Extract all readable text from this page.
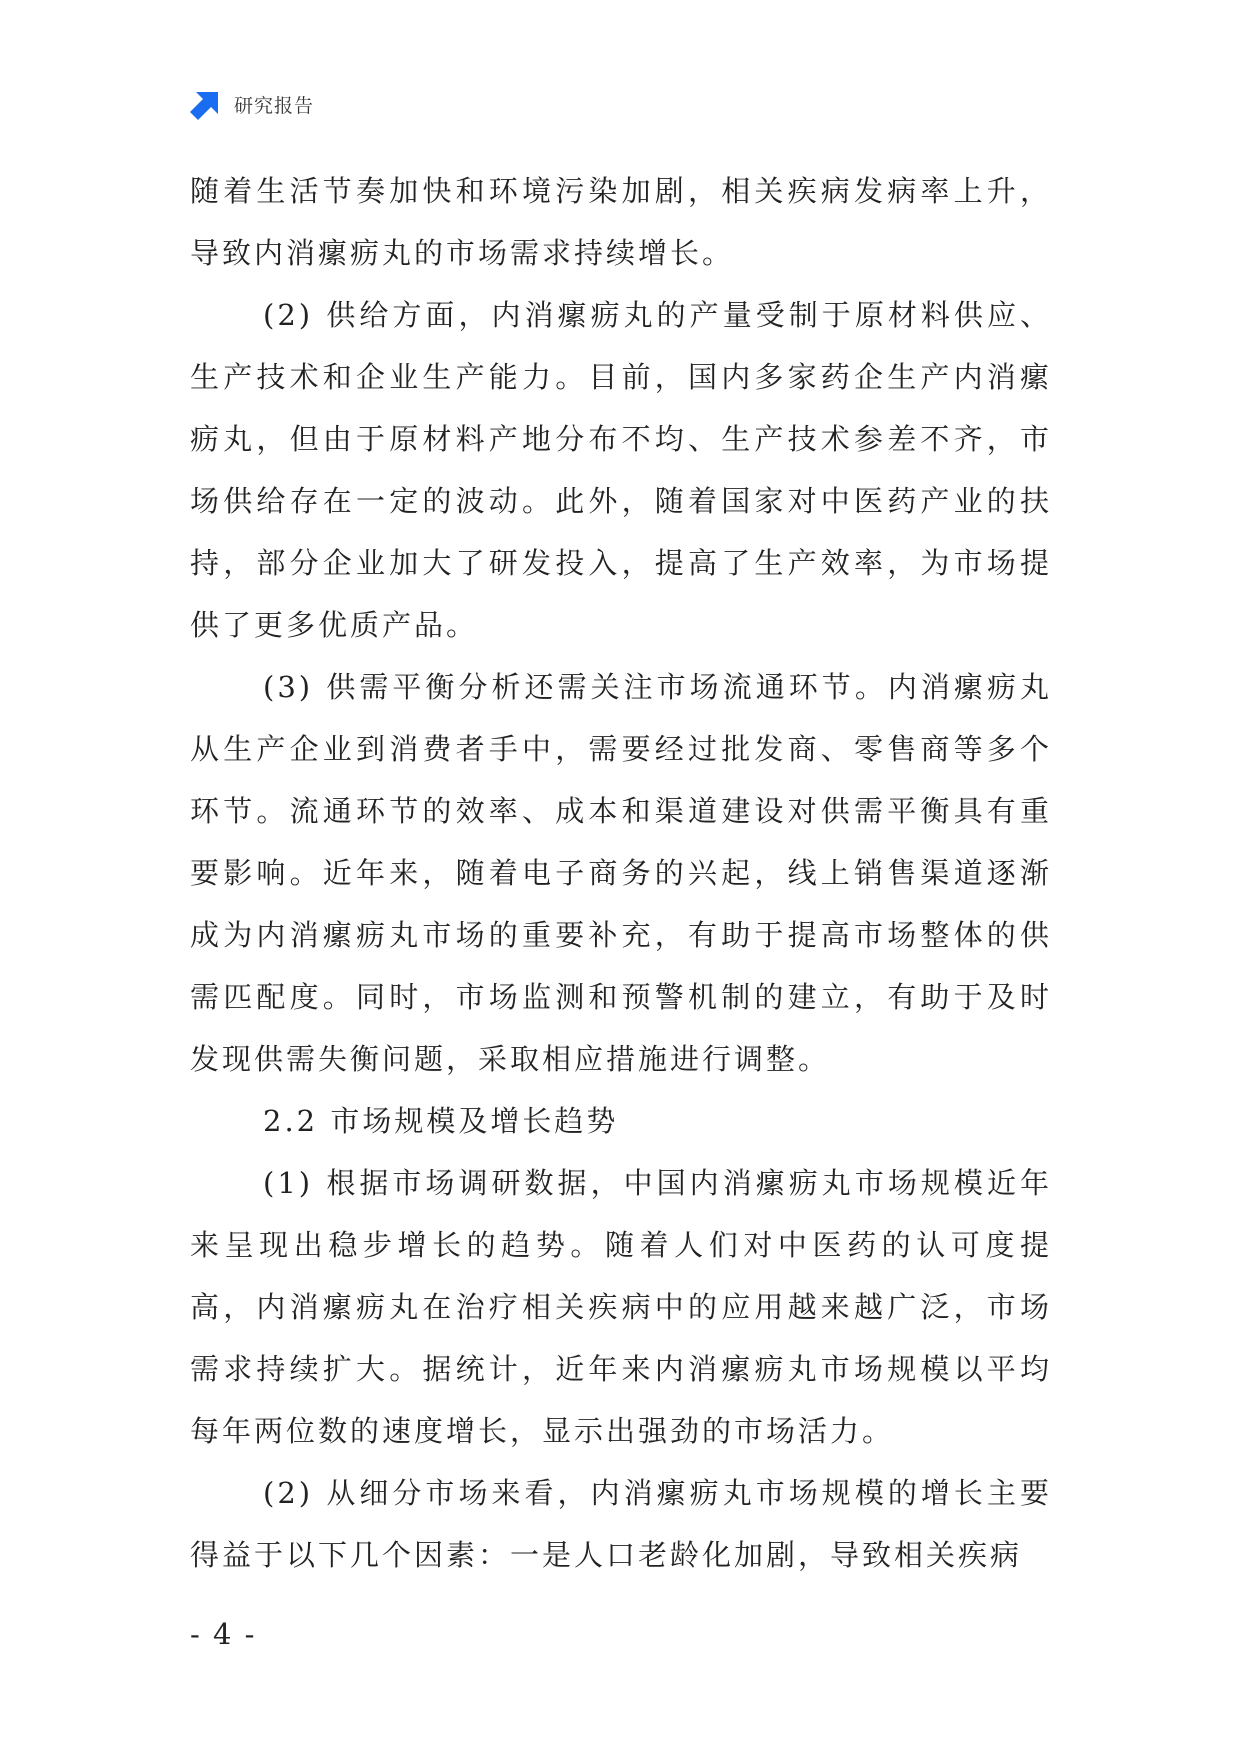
研究报告

随着生活节奏加快和环境污染加剧，相关疾病发病率上升，导致内消瘰疬丸的市场需求持续增长。

(2) 供给方面，内消瘰疬丸的产量受制于原材料供应、生产技术和企业生产能力。目前，国内多家药企生产内消瘰疬丸，但由于原材料产地分布不均、生产技术参差不齐，市场供给存在一定的波动。此外，随着国家对中医药产业的扶持，部分企业加大了研发投入，提高了生产效率，为市场提供了更多优质产品。

(3) 供需平衡分析还需关注市场流通环节。内消瘰疬丸从生产企业到消费者手中，需要经过批发商、零售商等多个环节。流通环节的效率、成本和渠道建设对供需平衡具有重要影响。近年来，随着电子商务的兴起，线上销售渠道逐渐成为内消瘰疬丸市场的重要补充，有助于提高市场整体的供需匹配度。同时，市场监测和预警机制的建立，有助于及时发现供需失衡问题，采取相应措施进行调整。

2.2 市场规模及增长趋势

(1) 根据市场调研数据，中国内消瘰疬丸市场规模近年来呈现出稳步增长的趋势。随着人们对中医药的认可度提高，内消瘰疬丸在治疗相关疾病中的应用越来越广泛，市场需求持续扩大。据统计，近年来内消瘰疬丸市场规模以平均每年两位数的速度增长，显示出强劲的市场活力。

(2) 从细分市场来看，内消瘰疬丸市场规模的增长主要得益于以下几个因素：一是人口老龄化加剧，导致相关疾病

- 4 -
